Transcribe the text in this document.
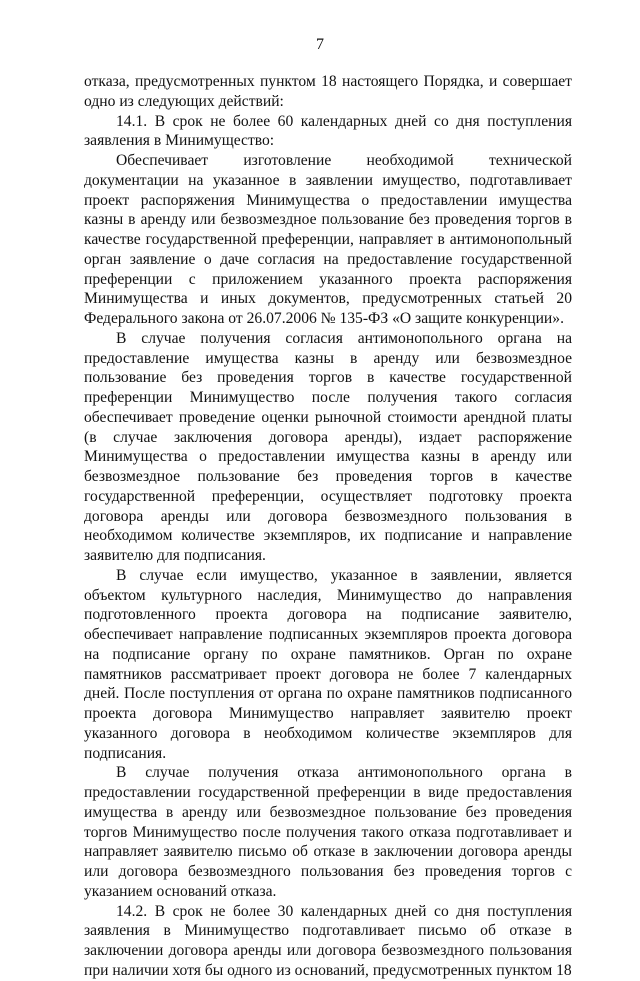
7

отказа, предусмотренных пунктом 18 настоящего Порядка, и совершает одно из следующих действий:

14.1. В срок не более 60 календарных дней со дня поступления заявления в Минимущество:

Обеспечивает изготовление необходимой технической документации на указанное в заявлении имущество, подготавливает проект распоряжения Минимущества о предоставлении имущества казны в аренду или безвозмездное пользование без проведения торгов в качестве государственной преференции, направляет в антимонопольный орган заявление о даче согласия на предоставление государственной преференции с приложением указанного проекта распоряжения Минимущества и иных документов, предусмотренных статьей 20 Федерального закона от 26.07.2006 № 135-ФЗ «О защите конкуренции».

В случае получения согласия антимонопольного органа на предоставление имущества казны в аренду или безвозмездное пользование без проведения торгов в качестве государственной преференции Минимущество после получения такого согласия обеспечивает проведение оценки рыночной стоимости арендной платы (в случае заключения договора аренды), издает распоряжение Минимущества о предоставлении имущества казны в аренду или безвозмездное пользование без проведения торгов в качестве государственной преференции, осуществляет подготовку проекта договора аренды или договора безвозмездного пользования в необходимом количестве экземпляров, их подписание и направление заявителю для подписания.

В случае если имущество, указанное в заявлении, является объектом культурного наследия, Минимущество до направления подготовленного проекта договора на подписание заявителю, обеспечивает направление подписанных экземпляров проекта договора на подписание органу по охране памятников. Орган по охране памятников рассматривает проект договора не более 7 календарных дней. После поступления от органа по охране памятников подписанного проекта договора Минимущество направляет заявителю проект указанного договора в необходимом количестве экземпляров для подписания.

В случае получения отказа антимонопольного органа в предоставлении государственной преференции в виде предоставления имущества в аренду или безвозмездное пользование без проведения торгов Минимущество после получения такого отказа подготавливает и направляет заявителю письмо об отказе в заключении договора аренды или договора безвозмездного пользования без проведения торгов с указанием оснований отказа.

14.2. В срок не более 30 календарных дней со дня поступления заявления в Минимущество подготавливает письмо об отказе в заключении договора аренды или договора безвозмездного пользования при наличии хотя бы одного из оснований, предусмотренных пунктом 18
